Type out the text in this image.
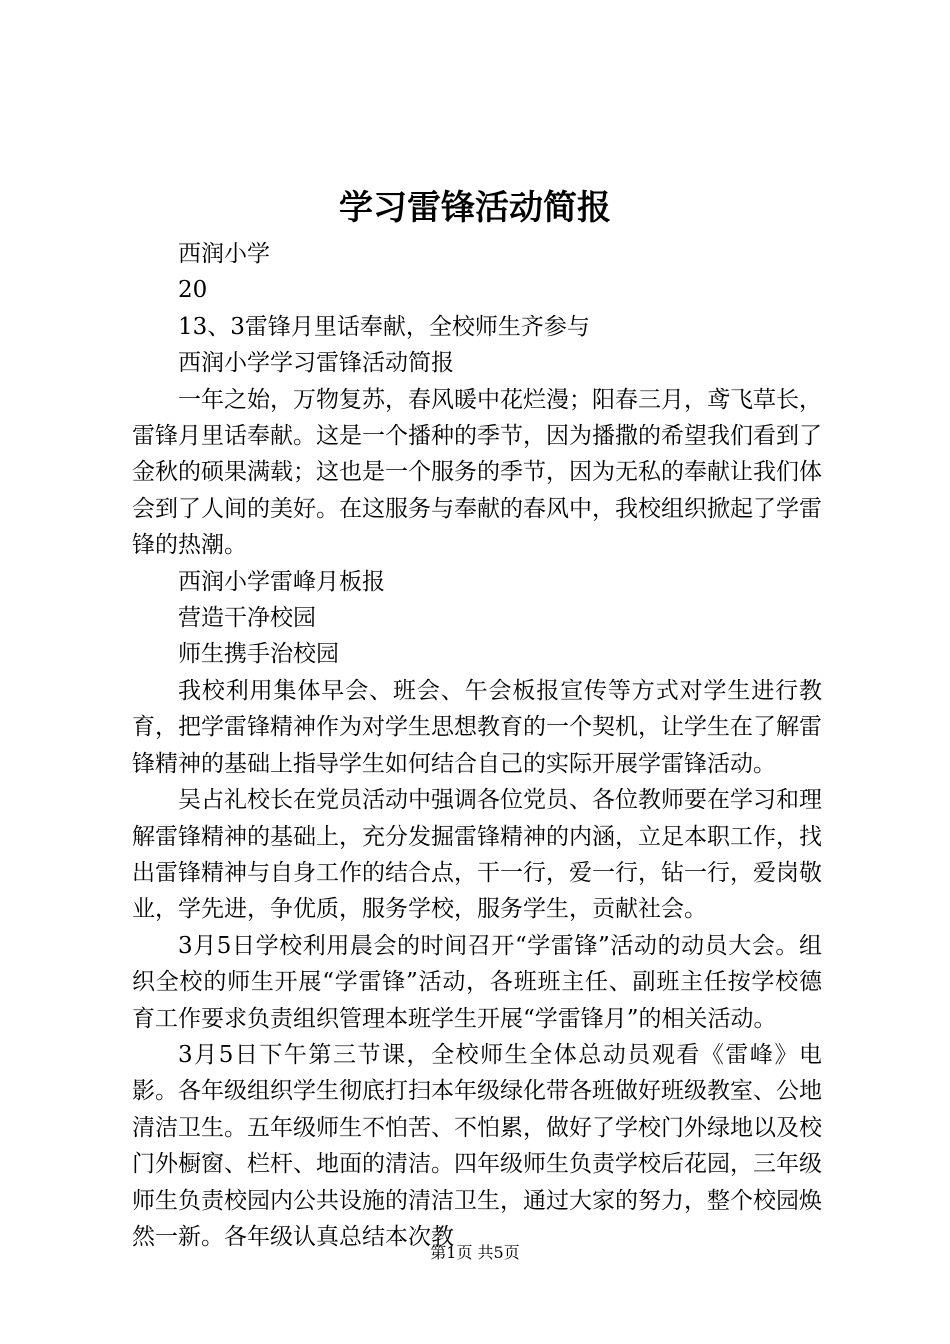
学习雷锋活动简报

西润小学

20

13、3雷锋月里话奉献，全校师生齐参与

西润小学学习雷锋活动简报

一年之始，万物复苏，春风暖中花烂漫；阳春三月，鸢飞草长，雷锋月里话奉献。这是一个播种的季节，因为播撒的希望我们看到了金秋的硕果满载；这也是一个服务的季节，因为无私的奉献让我们体会到了人间的美好。在这服务与奉献的春风中，我校组织掀起了学雷锋的热潮。

西润小学雷峰月板报

营造干净校园

师生携手治校园

我校利用集体早会、班会、午会板报宣传等方式对学生进行教育，把学雷锋精神作为对学生思想教育的一个契机，让学生在了解雷锋精神的基础上指导学生如何结合自己的实际开展学雷锋活动。

吴占礼校长在党员活动中强调各位党员、各位教师要在学习和理解雷锋精神的基础上，充分发掘雷锋精神的内涵，立足本职工作，找出雷锋精神与自身工作的结合点，干一行，爱一行，钻一行，爱岗敬业，学先进，争优质，服务学校，服务学生，贡献社会。

3月5日学校利用晨会的时间召开“学雷锋”活动的动员大会。组织全校的师生开展“学雷锋”活动，各班班主任、副班主任按学校德育工作要求负责组织管理本班学生开展“学雷锋月”的相关活动。

3月5日下午第三节课，全校师生全体总动员观看《雷峰》电影。各年级组织学生彻底打扫本年级绿化带各班做好班级教室、公地清洁卫生。五年级师生不怕苦、不怕累，做好了学校门外绿地以及校门外橱窗、栏杆、地面的清洁。四年级师生负责学校后花园，三年级师生负责校园内公共设施的清洁卫生，通过大家的努力，整个校园焕然一新。各年级认真总结本次教

第1页 共5页
